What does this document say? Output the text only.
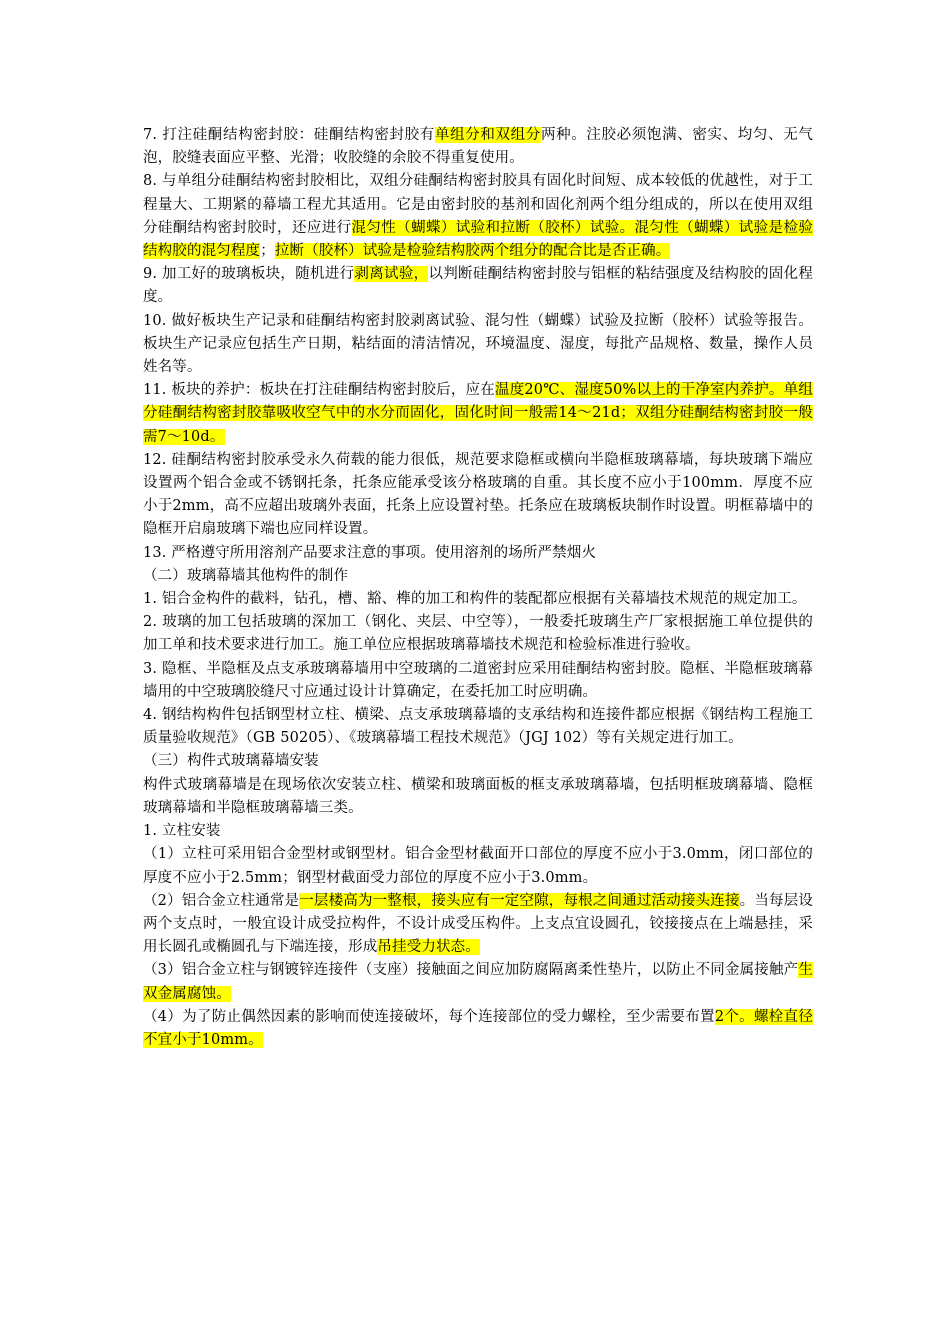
7. 打注硅酮结构密封胶：硅酮结构密封胶有单组分和双组分两种。注胶必须饱满、密实、均匀、无气泡，胶缝表面应平整、光滑；收胶缝的余胶不得重复使用。

8. 与单组分硅酮结构密封胶相比，双组分硅酮结构密封胶具有固化时间短、成本较低的优越性，对于工程量大、工期紧的幕墙工程尤其适用。它是由密封胶的基剂和固化剂两个组分组成的，所以在使用双组分硅酮结构密封胶时，还应进行混匀性（蝴蝶）试验和拉断（胶杯）试验。混匀性（蝴蝶）试验是检验结构胶的混匀程度；拉断（胶杯）试验是检验结构胶两个组分的配合比是否正确。

9. 加工好的玻璃板块，随机进行剥离试验，以判断硅酮结构密封胶与铝框的粘结强度及结构胶的固化程度。

10. 做好板块生产记录和硅酮结构密封胶剥离试验、混匀性（蝴蝶）试验及拉断（胶杯）试验等报告。板块生产记录应包括生产日期，粘结面的清洁情况，环境温度、湿度，每批产品规格、数量，操作人员姓名等。

11. 板块的养护：板块在打注硅酮结构密封胶后，应在温度20℃、湿度50%以上的干净室内养护。单组分硅酮结构密封胶靠吸收空气中的水分而固化，固化时间一般需14～21d；双组分硅酮结构密封胶一般需7～10d。

12. 硅酮结构密封胶承受永久荷载的能力很低，规范要求隐框或横向半隐框玻璃幕墙，每块玻璃下端应设置两个铝合金或不锈钢托条，托条应能承受该分格玻璃的自重。其长度不应小于100mm．厚度不应小于2mm，高不应超出玻璃外表面，托条上应设置衬垫。托条应在玻璃板块制作时设置。明框幕墙中的隐框开启扇玻璃下端也应同样设置。

13. 严格遵守所用溶剂产品要求注意的事项。使用溶剂的场所严禁烟火

（二）玻璃幕墙其他构件的制作

1. 铝合金构件的截料，钻孔，槽、豁、榫的加工和构件的装配都应根据有关幕墙技术规范的规定加工。

2. 玻璃的加工包括玻璃的深加工（钢化、夹层、中空等），一般委托玻璃生产厂家根据施工单位提供的加工单和技术要求进行加工。施工单位应根据玻璃幕墙技术规范和检验标准进行验收。

3. 隐框、半隐框及点支承玻璃幕墙用中空玻璃的二道密封应采用硅酮结构密封胶。隐框、半隐框玻璃幕墙用的中空玻璃胶缝尺寸应通过设计计算确定，在委托加工时应明确。

4. 钢结构构件包括钢型材立柱、横梁、点支承玻璃幕墙的支承结构和连接件都应根据《钢结构工程施工质量验收规范》（GB 50205）、《玻璃幕墙工程技术规范》（JGJ 102）等有关规定进行加工。

（三）构件式玻璃幕墙安装

构件式玻璃幕墙是在现场依次安装立柱、横梁和玻璃面板的框支承玻璃幕墙，包括明框玻璃幕墙、隐框玻璃幕墙和半隐框玻璃幕墙三类。

1. 立柱安装

（1）立柱可采用铝合金型材或钢型材。铝合金型材截面开口部位的厚度不应小于3.0mm，闭口部位的厚度不应小于2.5mm；钢型材截面受力部位的厚度不应小于3.0mm。

（2）铝合金立柱通常是一层楼高为一整根，接头应有一定空隙，每根之间通过活动接头连接。当每层设两个支点时，一般宜设计成受拉构件，不设计成受压构件。上支点宜设圆孔，铰接接点在上端悬挂，采用长圆孔或椭圆孔与下端连接，形成吊挂受力状态。

（3）铝合金立柱与钢镀锌连接件（支座）接触面之间应加防腐隔离柔性垫片，以防止不同金属接触产生双金属腐蚀。

（4）为了防止偶然因素的影响而使连接破坏，每个连接部位的受力螺栓，至少需要布置2个。螺栓直径不宜小于10mm。
